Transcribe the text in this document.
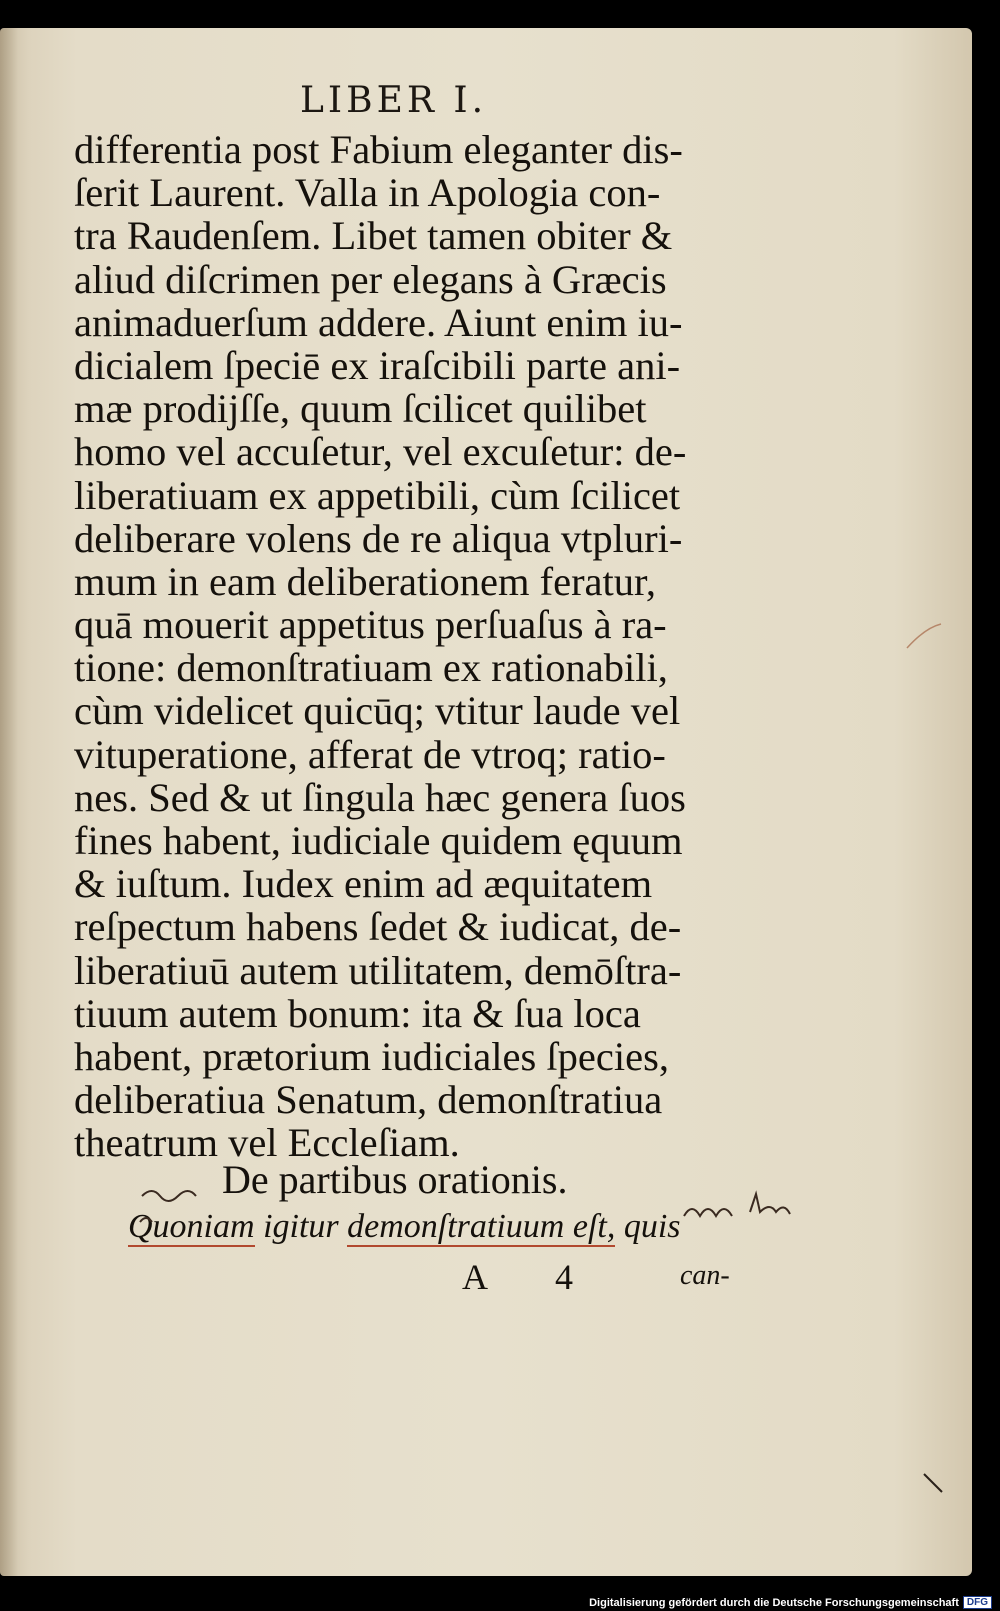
LIBER I.
differentia post Fabium eleganter dis-
ſerit Laurent. Valla in Apologia con-
tra Raudenſem. Libet tamen obiter &
aliud diſcrimen per elegans à Græcis
animaduerſum addere. Aiunt enim iu-
dicialem ſpeciē ex iraſcibili parte ani-
mæ prodijſſe, quum ſcilicet quilibet
homo vel accuſetur, vel excuſetur: de-
liberatiuam ex appetibili, cùm ſcilicet
deliberare volens de re aliqua vtpluri-
mum in eam deliberationem feratur,
quā mouerit appetitus perſuaſus à ra-
tione: demonſtratiuam ex rationabili,
cùm videlicet quicūq; vtitur laude vel
vituperatione, afferat de vtroq; ratio-
nes. Sed & ut ſingula hæc genera ſuos
fines habent, iudiciale quidem ęquum
& iuſtum. Iudex enim ad æquitatem
reſpectum habens ſedet & iudicat, de-
liberatiuū autem utilitatem, demōſtra-
tiuum autem bonum: ita & ſua loca
habent, prætorium iudiciales ſpecies,
deliberatiua Senatum, demonſtratiua
theatrum vel Eccleſiam.
De partibus orationis.
Quoniam igitur demonſtratiuum eſt, quis
A 4	can-
Digitalisierung gefördert durch die Deutsche Forschungsgemeinschaft DFG
